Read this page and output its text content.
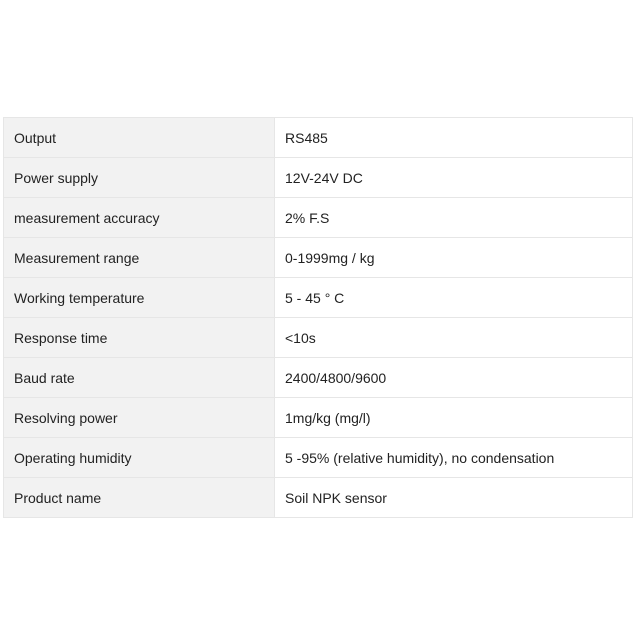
Output	RS485
Power supply	12V-24V DC
measurement accuracy	2% F.S
Measurement range	0-1999mg / kg
Working temperature	5 - 45 ° C
Response time	<10s
Baud rate	2400/4800/9600
Resolving power	1mg/kg (mg/l)
Operating humidity	5 -95% (relative humidity), no condensation
Product name	Soil NPK sensor
